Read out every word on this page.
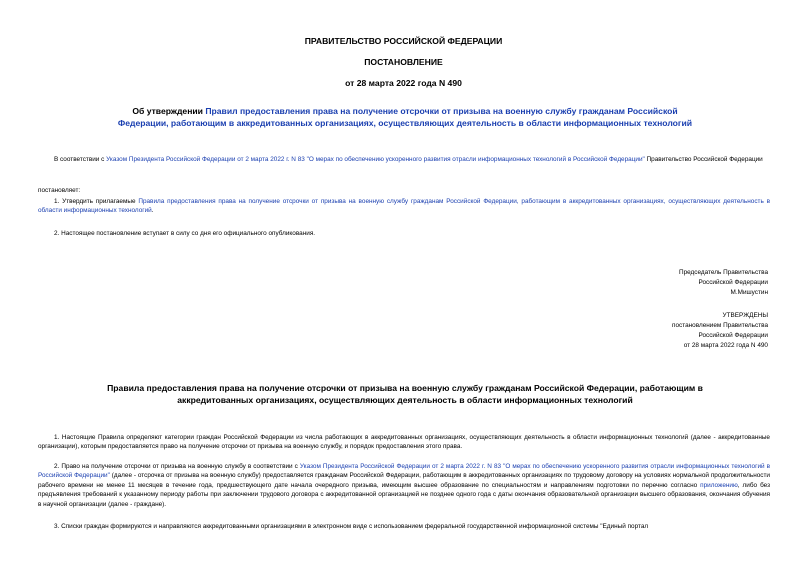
ПРАВИТЕЛЬСТВО РОССИЙСКОЙ ФЕДЕРАЦИИ
ПОСТАНОВЛЕНИЕ
от 28 марта 2022 года N 490
Об утверждении Правил предоставления права на получение отсрочки от призыва на военную службу гражданам Российской Федерации, работающим в аккредитованных организациях, осуществляющих деятельность в области информационных технологий
В соответствии с Указом Президента Российской Федерации от 2 марта 2022 г. N 83 "О мерах по обеспечению ускоренного развития отрасли информационных технологий в Российской Федерации" Правительство Российской Федерации
постановляет:
1. Утвердить прилагаемые Правила предоставления права на получение отсрочки от призыва на военную службу гражданам Российской Федерации, работающим в аккредитованных организациях, осуществляющих деятельность в области информационных технологий.
2. Настоящее постановление вступает в силу со дня его официального опубликования.
Председатель Правительства
Российской Федерации
М.Мишустин
УТВЕРЖДЕНЫ
постановлением Правительства
Российской Федерации
от 28 марта 2022 года N 490
Правила предоставления права на получение отсрочки от призыва на военную службу гражданам Российской Федерации, работающим в аккредитованных организациях, осуществляющих деятельность в области информационных технологий
1. Настоящие Правила определяют категории граждан Российской Федерации из числа работающих в аккредитованных организациях, осуществляющих деятельность в области информационных технологий (далее - аккредитованные организации), которым предоставляется право на получение отсрочки от призыва на военную службу, и порядок предоставления этого права.
2. Право на получение отсрочки от призыва на военную службу в соответствии с Указом Президента Российской Федерации от 2 марта 2022 г. N 83 "О мерах по обеспечению ускоренного развития отрасли информационных технологий в Российской Федерации" (далее - отсрочка от призыва на военную службу) предоставляется гражданам Российской Федерации, работающим в аккредитованных организациях по трудовому договору на условиях нормальной продолжительности рабочего времени не менее 11 месяцев в течение года, предшествующего дате начала очередного призыва, имеющим высшее образование по специальностям и направлениям подготовки по перечню согласно приложению, либо без предъявления требований к указанному периоду работы при заключении трудового договора с аккредитованной организацией не позднее одного года с даты окончания образовательной организации высшего образования, окончания обучения в научной организации (далее - граждане).
3. Списки граждан формируются и направляются аккредитованными организациями в электронном виде с использованием федеральной государственной информационной системы "Единый портал
